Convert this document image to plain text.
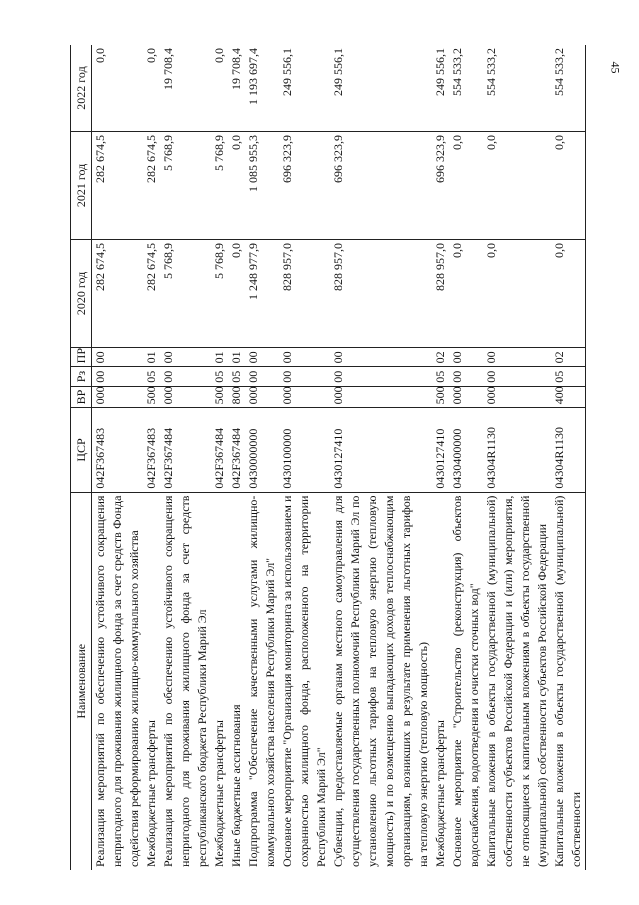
45
Наименование	ЦСР	ВР	Рз	ПР	2020 год	2021 год	2022 год
Реализация мероприятий по обеспечению устойчивого сокращения непригодного для проживания жилищного фонда за счет средств Фонда содействия реформированию жилищно-коммунального хозяйства	042F367483	000	00	00	282 674,5	282 674,5	0,0
Межбюджетные трансферты	042F367483	500	05	01	282 674,5	282 674,5	0,0
Реализация мероприятий по обеспечению устойчивого сокращения непригодного для проживания жилищного фонда за счет средств республиканского бюджета Республики Марий Эл	042F367484	000	00	00	5 768,9	5 768,9	19 708,4
Межбюджетные трансферты	042F367484	500	05	01	5 768,9	5 768,9	0,0
Иные бюджетные ассигнования	042F367484	800	05	01	0,0	0,0	19 708,4
Подпрограмма "Обеспечение качественными услугами жилищно-коммунального хозяйства населения Республики Марий Эл"	0430000000	000	00	00	1 248 977,9	1 085 955,3	1 193 697,4
Основное мероприятие "Организация мониторинга за использованием и сохранностью жилищного фонда, расположенного на территории Республики Марий Эл"	0430100000	000	00	00	828 957,0	696 323,9	249 556,1
Субвенции, предоставляемые органам местного самоуправления для осуществления государственных полномочий Республики Марий Эл по установлению льготных тарифов на тепловую энергию (тепловую мощность) и по возмещению выпадающих доходов теплоснабжающим организациям, возникших в результате применения льготных тарифов на тепловую энергию (тепловую мощность)	0430127410	000	00	00	828 957,0	696 323,9	249 556,1
Межбюджетные трансферты	0430127410	500	05	02	828 957,0	696 323,9	249 556,1
Основное мероприятие "Строительство (реконструкция) объектов водоснабжения, водоотведения и очистки сточных вод"	0430400000	000	00	00	0,0	0,0	554 533,2
Капитальные вложения в объекты государственной (муниципальной) собственности субъектов Российской Федерации и (или) мероприятия, не относящиеся к капитальным вложениям в объекты государственной (муниципальной) собственности субъектов Российской Федерации	04304R1130	000	00	00	0,0	0,0	554 533,2
Капитальные вложения в объекты государственной (муниципальной) собственности	04304R1130	400	05	02	0,0	0,0	554 533,2
